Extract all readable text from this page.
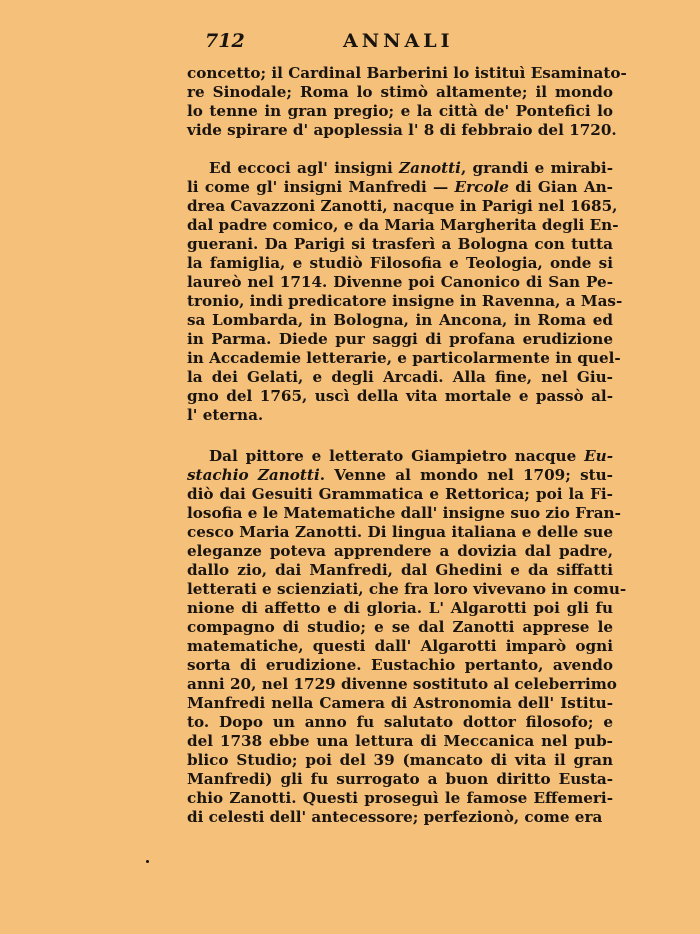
712	ANNALI
concetto; il Cardinal Barberini lo istituì Esaminato-
re Sinodale; Roma lo stimò altamente; il mondo
lo tenne in gran pregio; e la città de' Pontefici lo
vide spirare d' apoplessia l' 8 di febbraio del 1720.
Ed eccoci agl' insigni Zanotti, grandi e mirabi-
li come gl' insigni Manfredi — Ercole di Gian An-
drea Cavazzoni Zanotti, nacque in Parigi nel 1685,
dal padre comico, e da Maria Margherita degli En-
guerani. Da Parigi si trasferì a Bologna con tutta
la famiglia, e studiò Filosofia e Teologia, onde si
laureò nel 1714. Divenne poi Canonico di San Pe-
tronio, indi predicatore insigne in Ravenna, a Mas-
sa Lombarda, in Bologna, in Ancona, in Roma ed
in Parma. Diede pur saggi di profana erudizione
in Accademie letterarie, e particolarmente in quel-
la dei Gelati, e degli Arcadi. Alla fine, nel Giu-
gno del 1765, uscì della vita mortale e passò al-
l' eterna.
Dal pittore e letterato Giampietro nacque Eu-
stachio Zanotti. Venne al mondo nel 1709; stu-
diò dai Gesuiti Grammatica e Rettorica; poi la Fi-
losofia e le Matematiche dall' insigne suo zio Fran-
cesco Maria Zanotti. Di lingua italiana e delle sue
eleganze poteva apprendere a dovizia dal padre,
dallo zio, dai Manfredi, dal Ghedini e da siffatti
letterati e scienziati, che fra loro vivevano in comu-
nione di affetto e di gloria. L' Algarotti poi gli fu
compagno di studio; e se dal Zanotti apprese le
matematiche, questi dall' Algarotti imparò ogni
sorta di erudizione. Eustachio pertanto, avendo
anni 20, nel 1729 divenne sostituto al celeberrimo
Manfredi nella Camera di Astronomia dell' Istitu-
to. Dopo un anno fu salutato dottor filosofo; e
del 1738 ebbe una lettura di Meccanica nel pub-
blico Studio; poi del 39 (mancato di vita il gran
Manfredi) gli fu surrogato a buon diritto Eusta-
chio Zanotti. Questi proseguì le famose Effemeri-
di celesti dell' antecessore; perfezionò, come era
